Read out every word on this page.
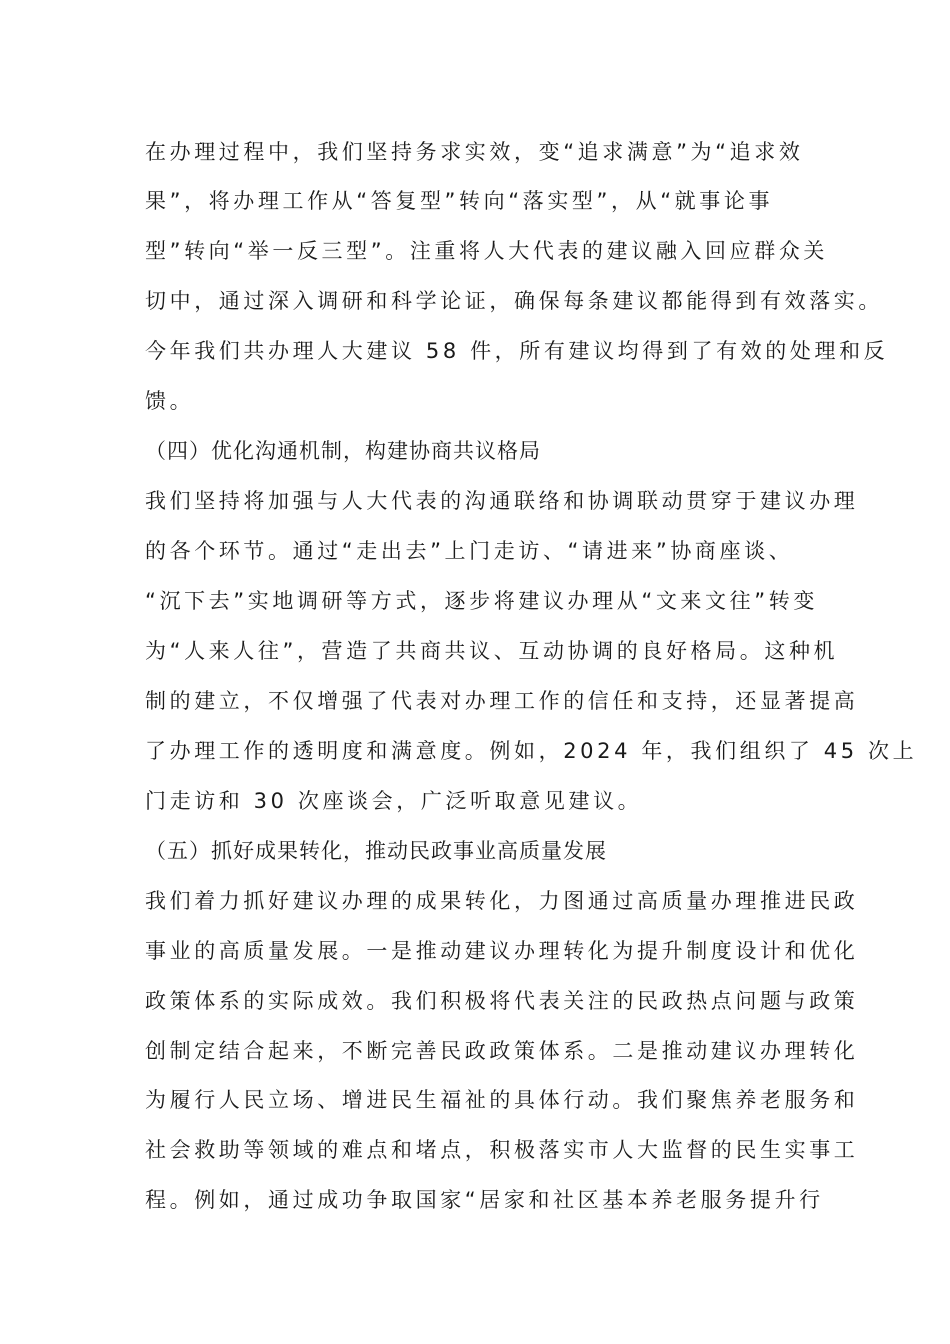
在办理过程中，我们坚持务求实效，变“追求满意”为“追求效
果”，将办理工作从“答复型”转向“落实型”，从“就事论事
型”转向“举一反三型”。注重将人大代表的建议融入回应群众关
切中，通过深入调研和科学论证，确保每条建议都能得到有效落实。
今年我们共办理人大建议 58 件，所有建议均得到了有效的处理和反
馈。
（四）优化沟通机制，构建协商共议格局
我们坚持将加强与人大代表的沟通联络和协调联动贯穿于建议办理
的各个环节。通过“走出去”上门走访、“请进来”协商座谈、
“沉下去”实地调研等方式，逐步将建议办理从“文来文往”转变
为“人来人往”，营造了共商共议、互动协调的良好格局。这种机
制的建立，不仅增强了代表对办理工作的信任和支持，还显著提高
了办理工作的透明度和满意度。例如，2024 年，我们组织了 45 次上
门走访和 30 次座谈会，广泛听取意见建议。
（五）抓好成果转化，推动民政事业高质量发展
我们着力抓好建议办理的成果转化，力图通过高质量办理推进民政
事业的高质量发展。一是推动建议办理转化为提升制度设计和优化
政策体系的实际成效。我们积极将代表关注的民政热点问题与政策
创制定结合起来，不断完善民政政策体系。二是推动建议办理转化
为履行人民立场、增进民生福祉的具体行动。我们聚焦养老服务和
社会救助等领域的难点和堵点，积极落实市人大监督的民生实事工
程。例如，通过成功争取国家“居家和社区基本养老服务提升行
